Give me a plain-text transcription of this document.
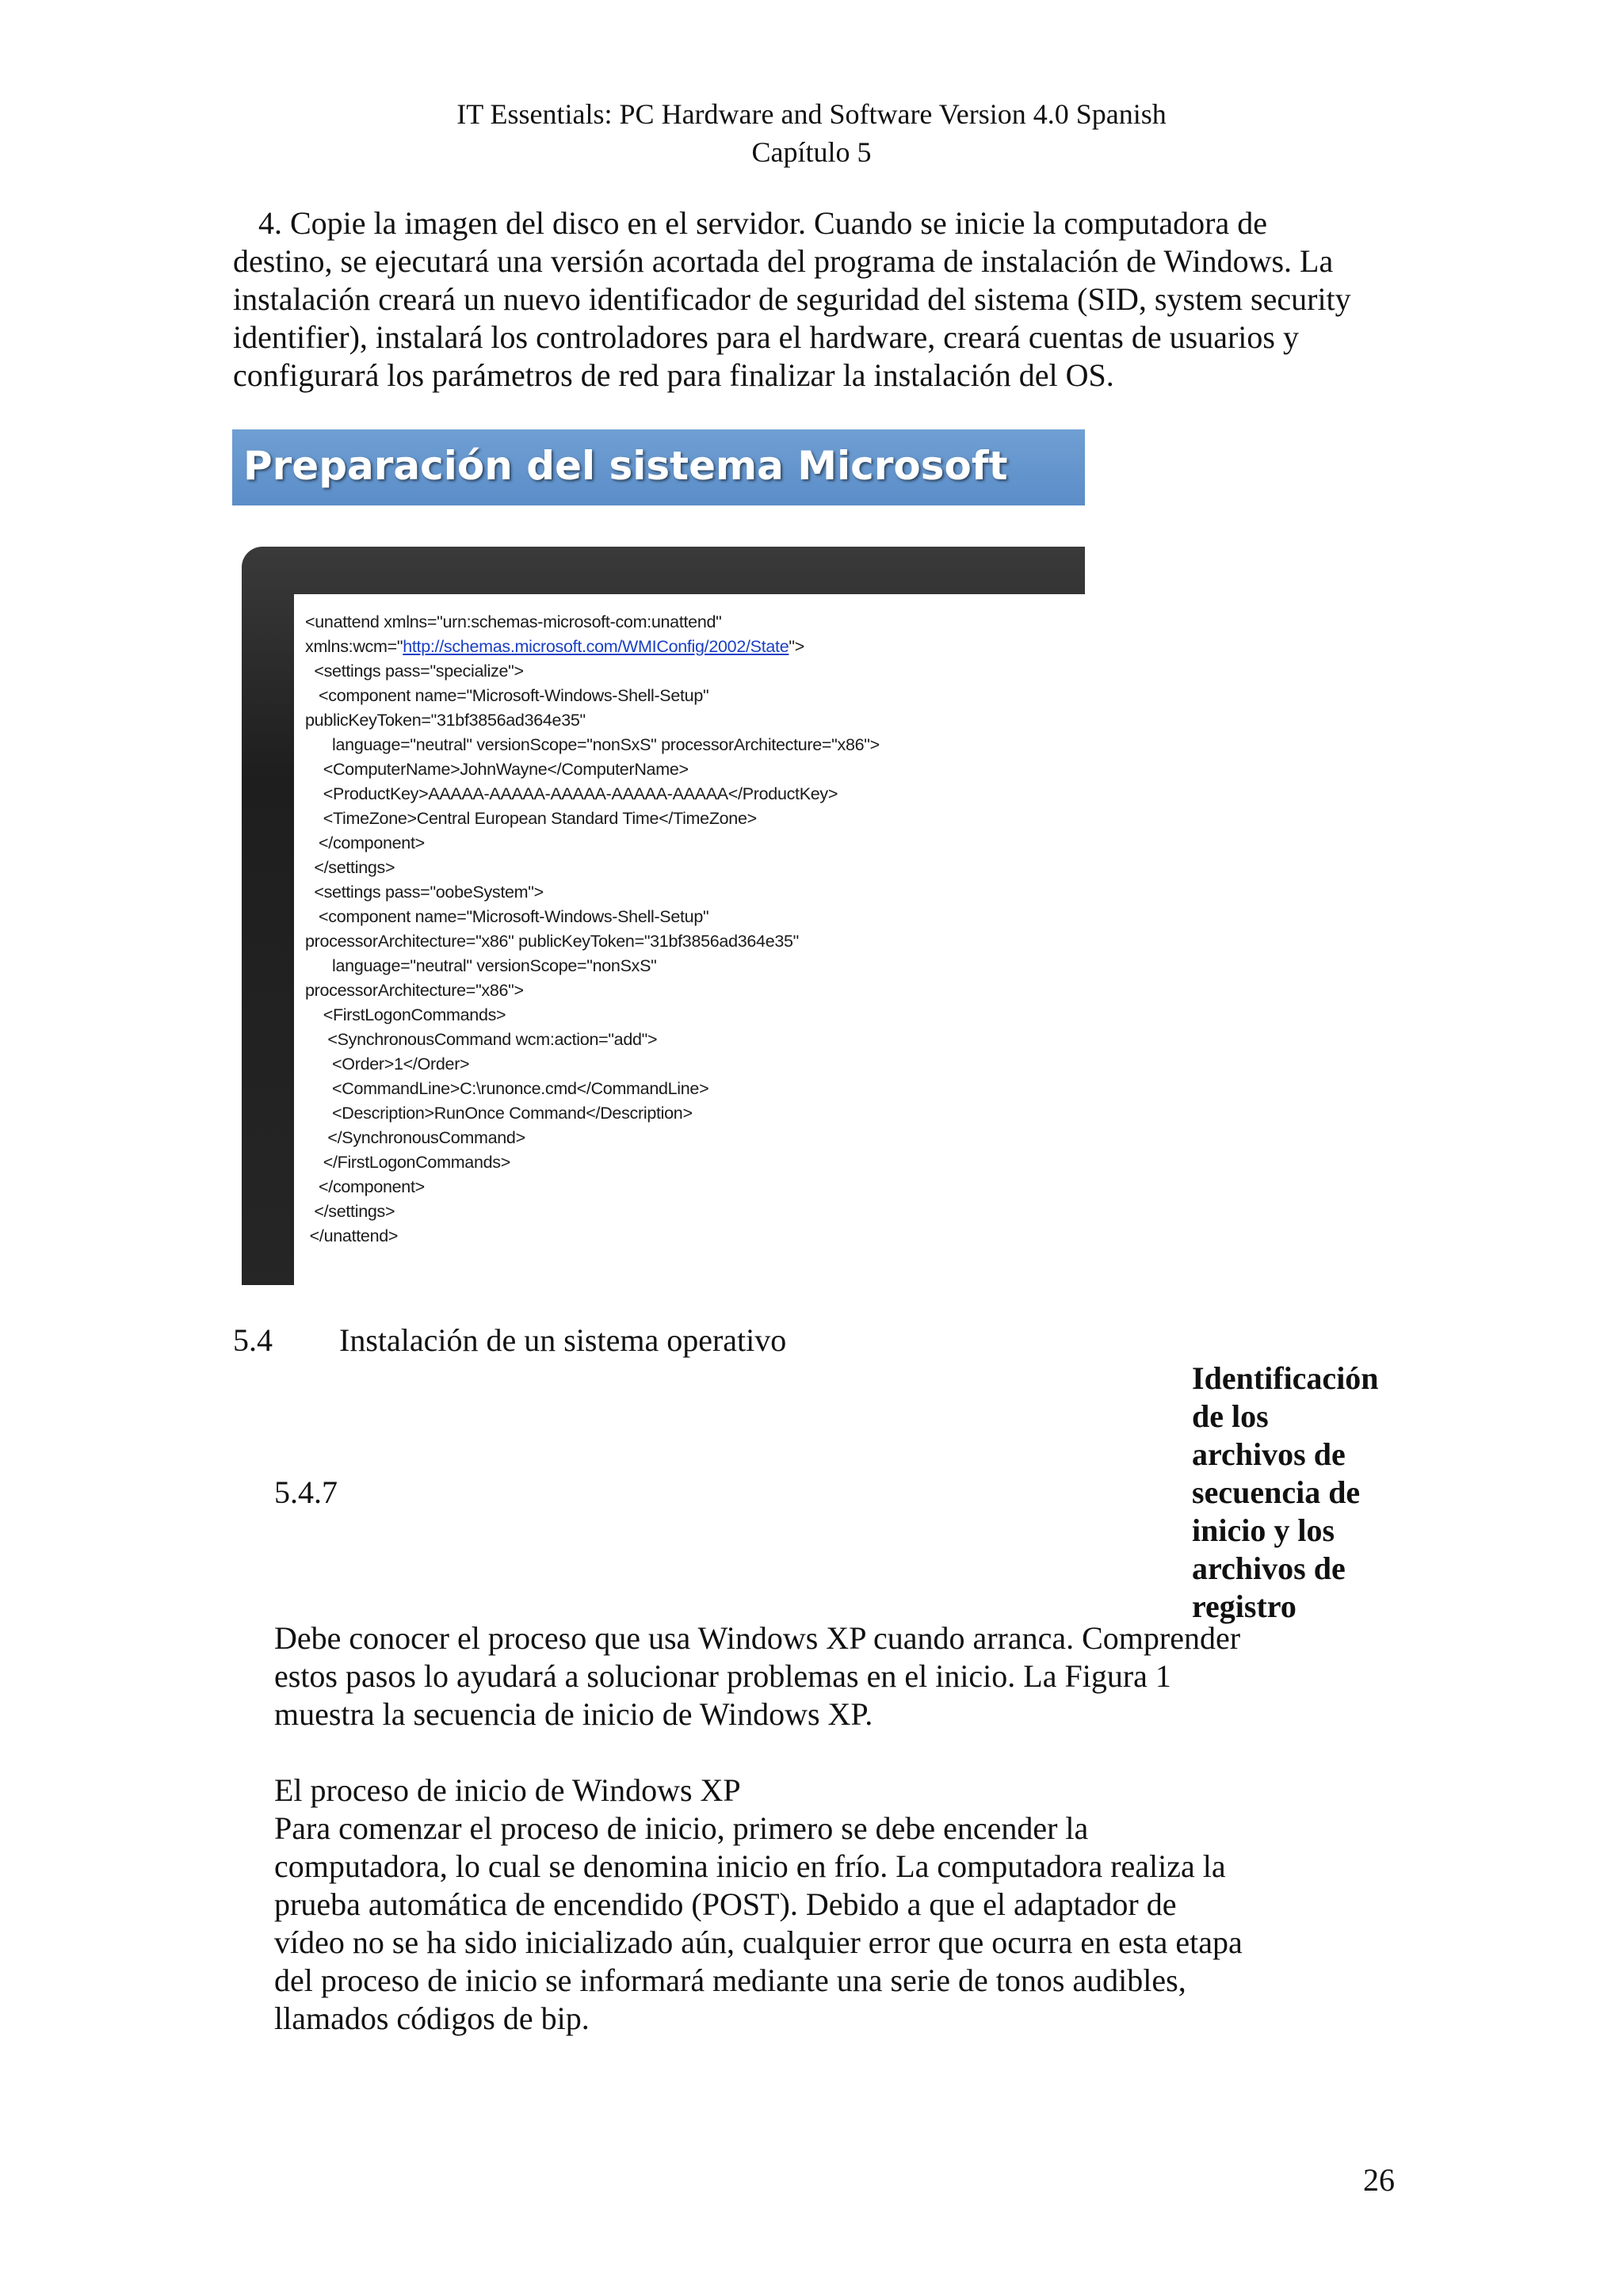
IT Essentials: PC Hardware and Software Version 4.0 Spanish
Capítulo 5
4. Copie la imagen del disco en el servidor. Cuando se inicie la computadora de
destino, se ejecutará una versión acortada del programa de instalación de Windows. La
instalación creará un nuevo identificador de seguridad del sistema (SID, system security
identifier), instalará los controladores para el hardware, creará cuentas de usuarios y
configurará los parámetros de red para finalizar la instalación del OS.
Preparación del sistema Microsoft
<unattend xmlns="urn:schemas-microsoft-com:unattend"
xmlns:wcm="http://schemas.microsoft.com/WMIConfig/2002/State">
<settings pass="specialize">
<component name="Microsoft-Windows-Shell-Setup"
publicKeyToken="31bf3856ad364e35"
language="neutral" versionScope="nonSxS" processorArchitecture="x86">
<ComputerName>JohnWayne</ComputerName>
<ProductKey>AAAAA-AAAAA-AAAAA-AAAAA-AAAAA</ProductKey>
<TimeZone>Central European Standard Time</TimeZone>
</component>
</settings>
<settings pass="oobeSystem">
<component name="Microsoft-Windows-Shell-Setup"
processorArchitecture="x86" publicKeyToken="31bf3856ad364e35"
language="neutral" versionScope="nonSxS"
processorArchitecture="x86">
<FirstLogonCommands>
<SynchronousCommand wcm:action="add">
<Order>1</Order>
<CommandLine>C:\runonce.cmd</CommandLine>
<Description>RunOnce Command</Description>
</SynchronousCommand>
</FirstLogonCommands>
</component>
</settings>
</unattend>
5.4 Instalación de un sistema operativo
5.4.7
Identificación
de los
archivos de
secuencia de
inicio y los
archivos de
registro
Debe conocer el proceso que usa Windows XP cuando arranca. Comprender
estos pasos lo ayudará a solucionar problemas en el inicio. La Figura 1
muestra la secuencia de inicio de Windows XP.
El proceso de inicio de Windows XP
Para comenzar el proceso de inicio, primero se debe encender la
computadora, lo cual se denomina inicio en frío. La computadora realiza la
prueba automática de encendido (POST). Debido a que el adaptador de
vídeo no se ha sido inicializado aún, cualquier error que ocurra en esta etapa
del proceso de inicio se informará mediante una serie de tonos audibles,
llamados códigos de bip.
26
